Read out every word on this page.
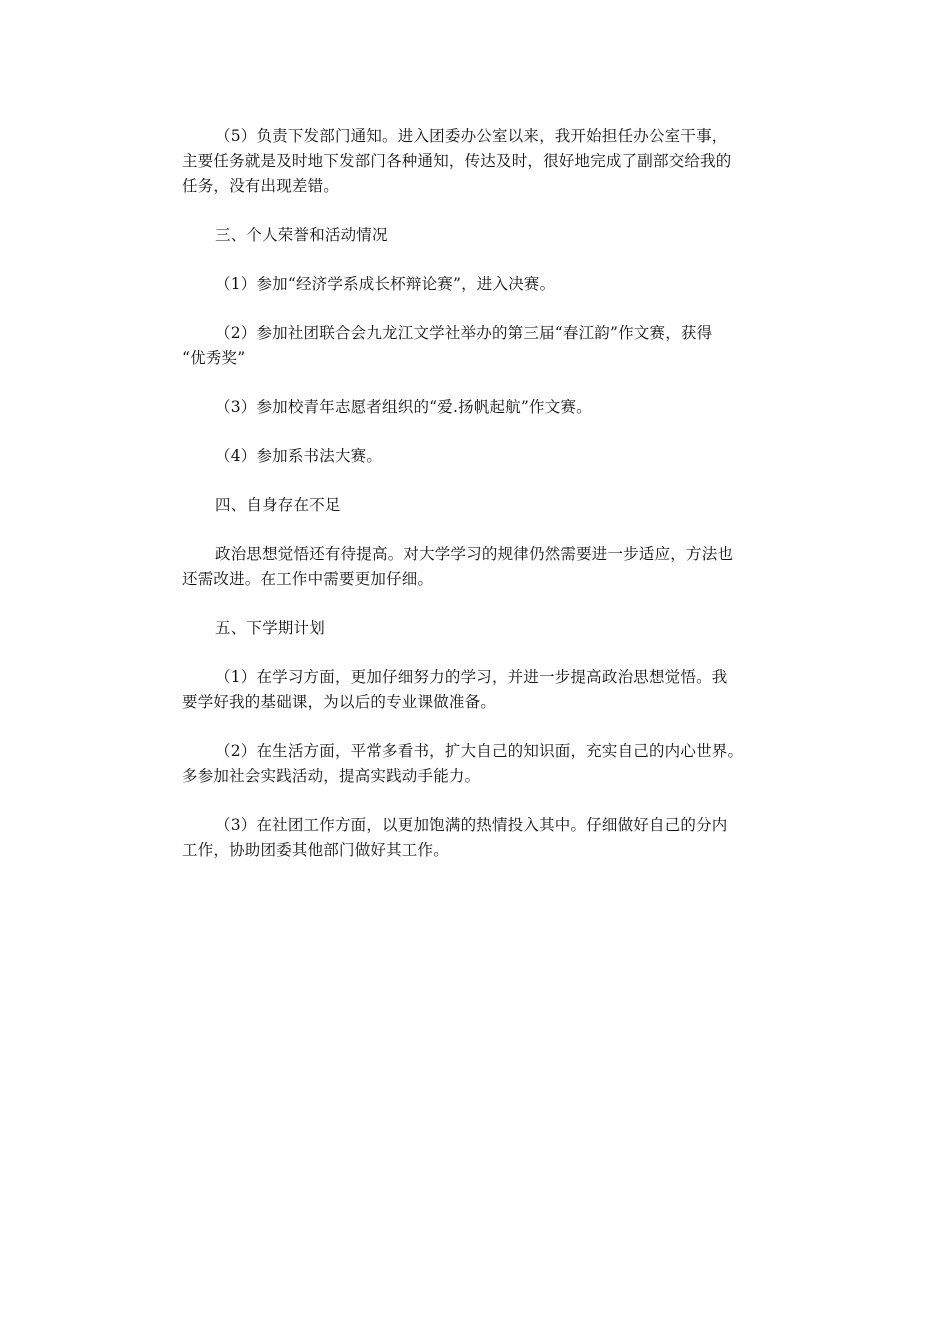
（5）负责下发部门通知。进入团委办公室以来，我开始担任办公室干事，
主要任务就是及时地下发部门各种通知，传达及时，很好地完成了副部交给我的
任务，没有出现差错。
三、个人荣誉和活动情况
（1）参加“经济学系成长杯辩论赛”，进入决赛。
（2）参加社团联合会九龙江文学社举办的第三届“春江韵”作文赛，获得
“优秀奖”
（3）参加校青年志愿者组织的“爱.扬帆起航”作文赛。
（4）参加系书法大赛。
四、自身存在不足
政治思想觉悟还有待提高。对大学学习的规律仍然需要进一步适应，方法也
还需改进。在工作中需要更加仔细。
五、下学期计划
（1）在学习方面，更加仔细努力的学习，并进一步提高政治思想觉悟。我
要学好我的基础课，为以后的专业课做准备。
（2）在生活方面，平常多看书，扩大自己的知识面，充实自己的内心世界。
多参加社会实践活动，提高实践动手能力。
（3）在社团工作方面，以更加饱满的热情投入其中。仔细做好自己的分内
工作，协助团委其他部门做好其工作。
